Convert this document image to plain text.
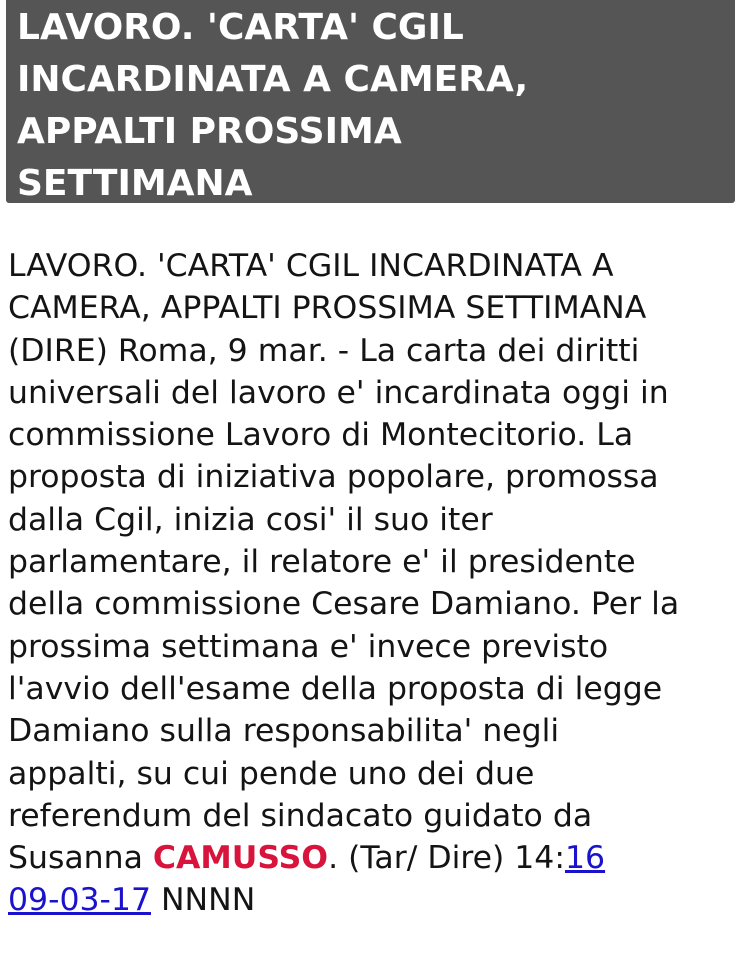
LAVORO. 'CARTA' CGIL
INCARDINATA A CAMERA,
APPALTI PROSSIMA
SETTIMANA
LAVORO. 'CARTA' CGIL INCARDINATA A
CAMERA, APPALTI PROSSIMA SETTIMANA
(DIRE) Roma, 9 mar. - La carta dei diritti
universali del lavoro e' incardinata oggi in
commissione Lavoro di Montecitorio. La
proposta di iniziativa popolare, promossa
dalla Cgil, inizia cosi' il suo iter
parlamentare, il relatore e' il presidente
della commissione Cesare Damiano. Per la
prossima settimana e' invece previsto
l'avvio dell'esame della proposta di legge
Damiano sulla responsabilita' negli
appalti, su cui pende uno dei due
referendum del sindacato guidato da
Susanna CAMUSSO. (Tar/ Dire) 14:16
09-03-17 NNNN
